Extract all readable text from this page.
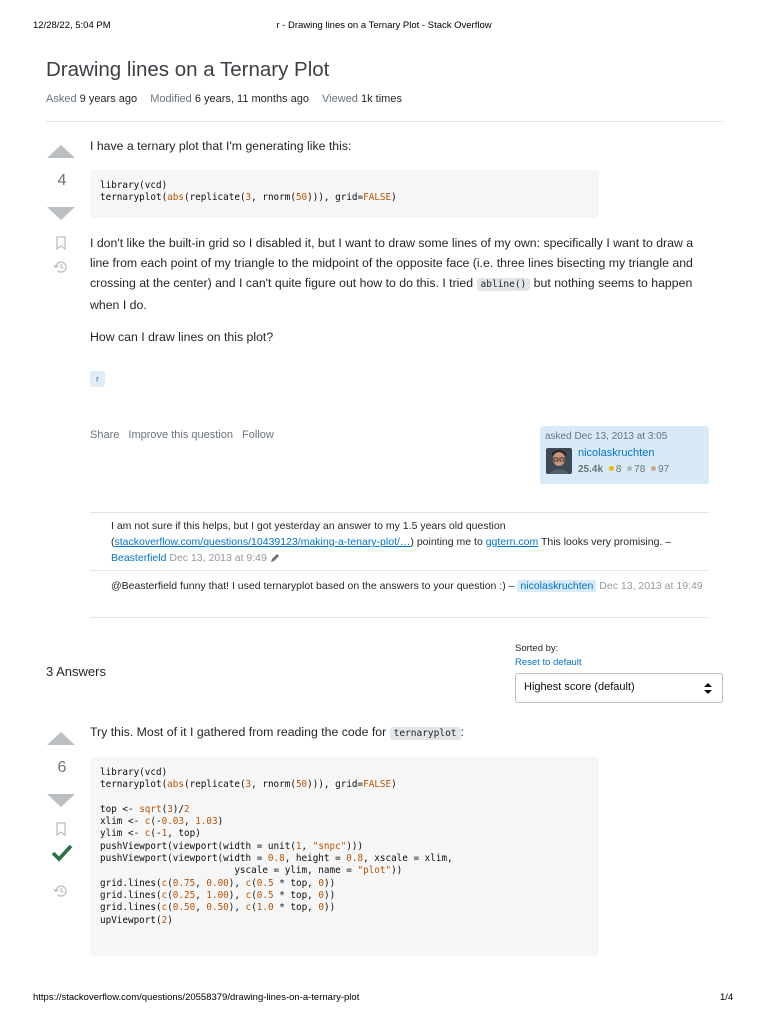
12/28/22, 5:04 PM	r - Drawing lines on a Ternary Plot - Stack Overflow
Drawing lines on a Ternary Plot
Asked 9 years ago Modified 6 years, 11 months ago Viewed 1k times
4
I have a ternary plot that I'm generating like this:
library(vcd)
ternaryplot(abs(replicate(3, rnorm(50))), grid=FALSE)
I don't like the built-in grid so I disabled it, but I want to draw some lines of my own: specifically I want to draw a line from each point of my triangle to the midpoint of the opposite face (i.e. three lines bisecting my triangle and crossing at the center) and I can't quite figure out how to do this. I tried abline() but nothing seems to happen when I do.
How can I draw lines on this plot?
r
Share Improve this question Follow	asked Dec 13, 2013 at 3:05
nicolaskruchten
25.4k 8 78 97
I am not sure if this helps, but I got yesterday an answer to my 1.5 years old question (stackoverflow.com/questions/10439123/making-a-tenary-plot/…) pointing me to ggtern.com This looks very promising. – Beasterfield Dec 13, 2013 at 9:49
@Beasterfield funny that! I used ternaryplot based on the answers to your question :) – nicolaskruchten Dec 13, 2013 at 19:49
3 Answers
Sorted by:
Reset to default
Highest score (default)
6
Try this. Most of it I gathered from reading the code for ternaryplot :
library(vcd)
ternaryplot(abs(replicate(3, rnorm(50))), grid=FALSE)

top <- sqrt(3)/2
xlim <- c(-0.03, 1.03)
ylim <- c(-1, top)
pushViewport(viewport(width = unit(1, "snpc")))
pushViewport(viewport(width = 0.8, height = 0.8, xscale = xlim,
yscale = ylim, name = "plot"))
grid.lines(c(0.75, 0.00), c(0.5 * top, 0))
grid.lines(c(0.25, 1.00), c(0.5 * top, 0))
grid.lines(c(0.50, 0.50), c(1.0 * top, 0))
upViewport(2)
https://stackoverflow.com/questions/20558379/drawing-lines-on-a-ternary-plot	1/4
